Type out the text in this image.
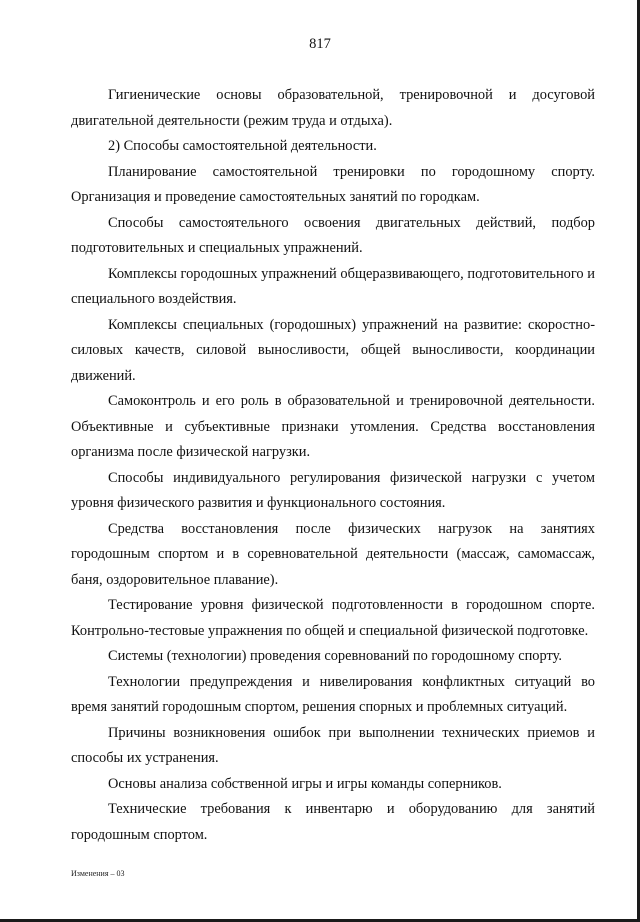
817

Гигиенические основы образовательной, тренировочной и досуговой двигательной деятельности (режим труда и отдыха).

2) Способы самостоятельной деятельности.

Планирование самостоятельной тренировки по городошному спорту. Организация и проведение самостоятельных занятий по городкам.

Способы самостоятельного освоения двигательных действий, подбор подготовительных и специальных упражнений.

Комплексы городошных упражнений общеразвивающего, подготовительного и специального воздействия.

Комплексы специальных (городошных) упражнений на развитие: скоростно-силовых качеств, силовой выносливости, общей выносливости, координации движений.

Самоконтроль и его роль в образовательной и тренировочной деятельности. Объективные и субъективные признаки утомления. Средства восстановления организма после физической нагрузки.

Способы индивидуального регулирования физической нагрузки с учетом уровня физического развития и функционального состояния.

Средства восстановления после физических нагрузок на занятиях городошным спортом и в соревновательной деятельности (массаж, самомассаж, баня, оздоровительное плавание).

Тестирование уровня физической подготовленности в городошном спорте. Контрольно-тестовые упражнения по общей и специальной физической подготовке.

Системы (технологии) проведения соревнований по городошному спорту.

Технологии предупреждения и нивелирования конфликтных ситуаций во время занятий городошным спортом, решения спорных и проблемных ситуаций.

Причины возникновения ошибок при выполнении технических приемов и способы их устранения.

Основы анализа собственной игры и игры команды соперников.

Технические требования к инвентарю и оборудованию для занятий городошным спортом.

Изменения – 03
